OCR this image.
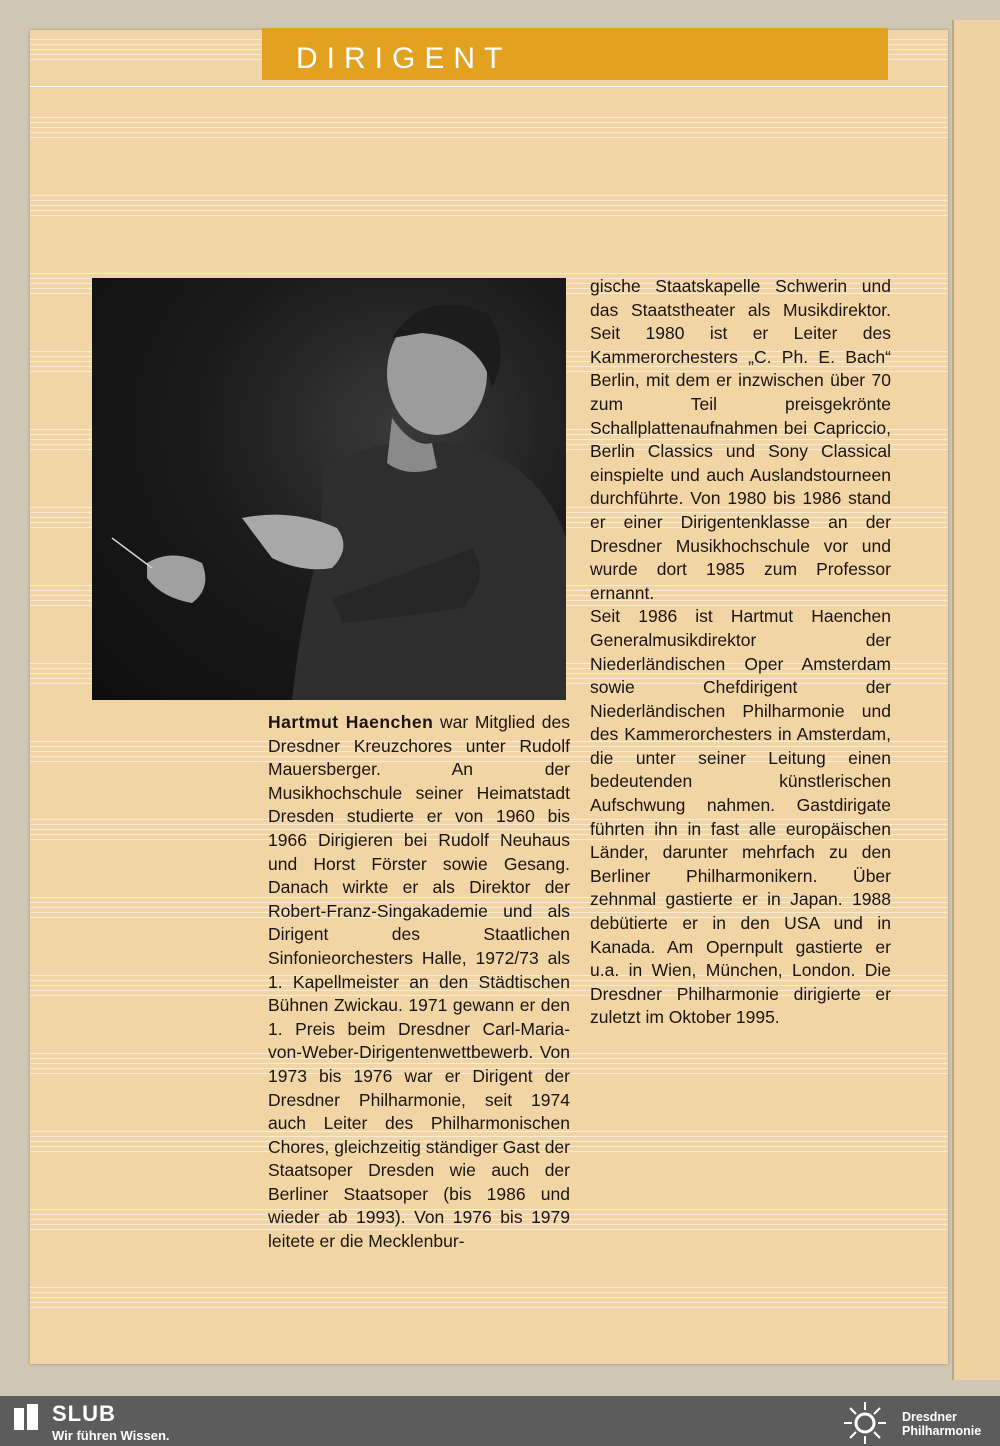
DIRIGENT

Hartmut Haenchen war Mitglied des Dresdner Kreuzchores unter Rudolf Mauersberger. An der Musikhochschule seiner Heimatstadt Dresden studierte er von 1960 bis 1966 Dirigieren bei Rudolf Neuhaus und Horst Förster sowie Gesang. Danach wirkte er als Direktor der Robert-Franz-Singakademie und als Dirigent des Staatlichen Sinfonieorchesters Halle, 1972/73 als 1. Kapellmeister an den Städtischen Bühnen Zwickau. 1971 gewann er den 1. Preis beim Dresdner Carl-Maria-von-Weber-Dirigentenwettbewerb. Von 1973 bis 1976 war er Dirigent der Dresdner Philharmonie, seit 1974 auch Leiter des Philharmonischen Chores, gleichzeitig ständiger Gast der Staatsoper Dresden wie auch der Berliner Staatsoper (bis 1986 und wieder ab 1993). Von 1976 bis 1979 leitete er die Mecklenbur-

gische Staatskapelle Schwerin und das Staatstheater als Musikdirektor. Seit 1980 ist er Leiter des Kammerorchesters „C. Ph. E. Bach“ Berlin, mit dem er inzwischen über 70 zum Teil preisgekrönte Schallplattenaufnahmen bei Capriccio, Berlin Classics und Sony Classical einspielte und auch Auslandstourneen durchführte. Von 1980 bis 1986 stand er einer Dirigentenklasse an der Dresdner Musikhochschule vor und wurde dort 1985 zum Professor ernannt.

Seit 1986 ist Hartmut Haenchen Generalmusikdirektor der Niederländischen Oper Amsterdam sowie Chefdirigent der Niederländischen Philharmonie und des Kammerorchesters in Amsterdam, die unter seiner Leitung einen bedeutenden künstlerischen Aufschwung nahmen. Gastdirigate führten ihn in fast alle europäischen Länder, darunter mehrfach zu den Berliner Philharmonikern. Über zehnmal gastierte er in Japan. 1988 debütierte er in den USA und in Kanada. Am Opernpult gastierte er u.a. in Wien, München, London. Die Dresdner Philharmonie dirigierte er zuletzt im Oktober 1995.

SLUB
Wir führen Wissen.
Dresdner
Philharmonie
